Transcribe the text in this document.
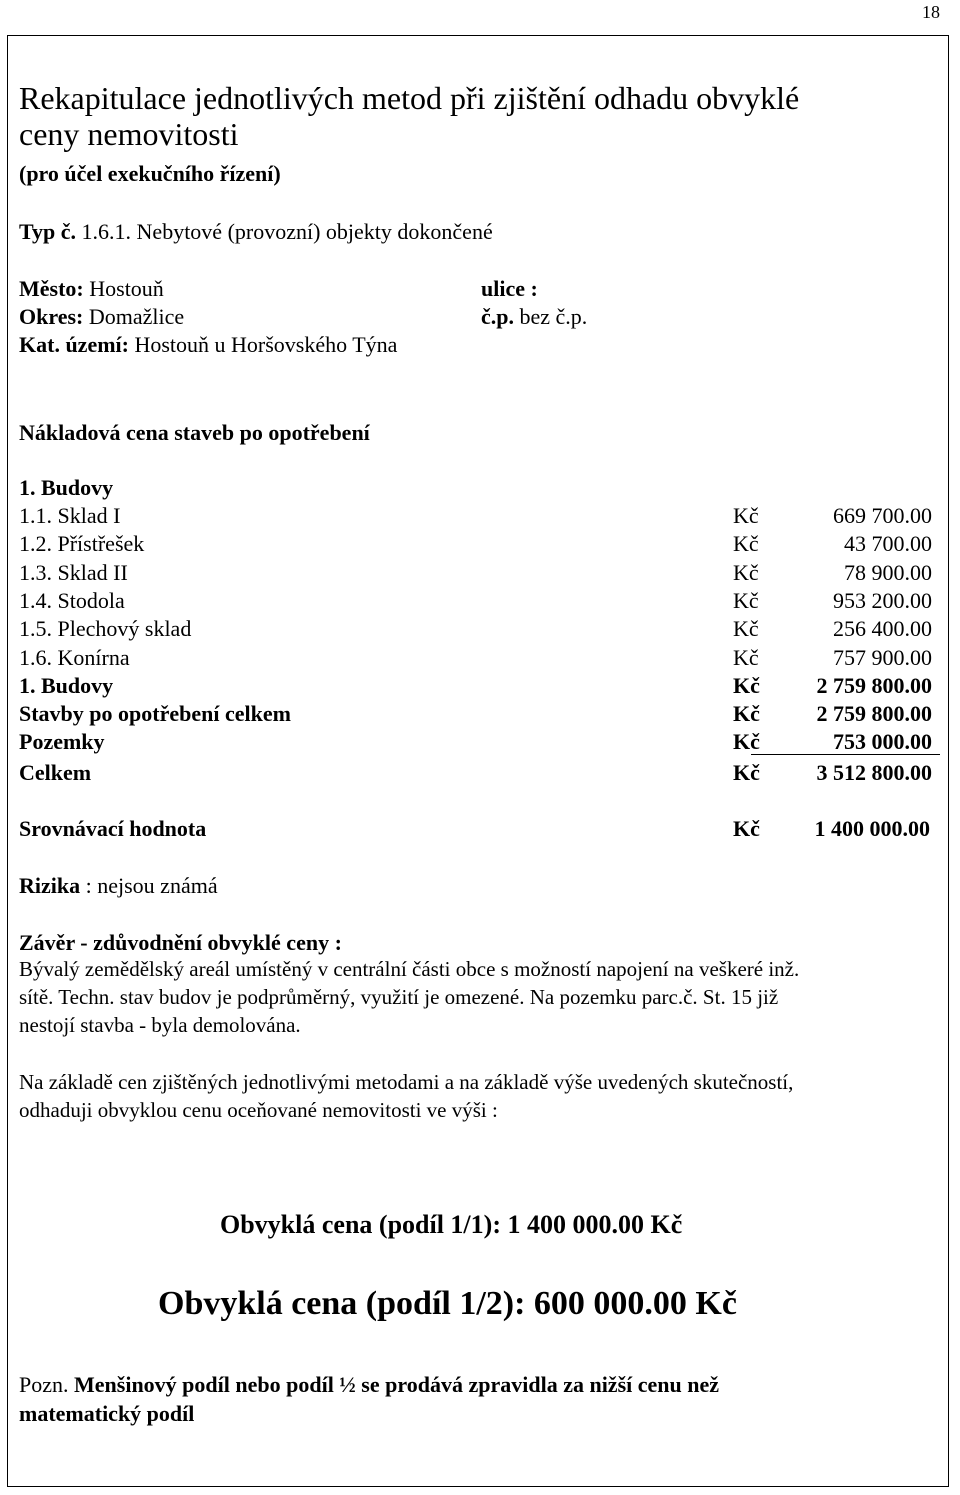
18
Rekapitulace jednotlivých metod při zjištění odhadu obvyklé
ceny nemovitosti
(pro účel exekučního řízení)
Typ č. 1.6.1. Nebytové (provozní) objekty dokončené
Město: Hostouň
Okres: Domažlice
Kat. území: Hostouň u Horšovského Týna
ulice :
č.p. bez č.p.
Nákladová cena staveb po opotřebení
1. Budovy
1.1. Sklad I	Kč	669 700.00
1.2. Přístřešek	Kč	43 700.00
1.3. Sklad II	Kč	78 900.00
1.4. Stodola	Kč	953 200.00
1.5. Plechový sklad	Kč	256 400.00
1.6. Konírna	Kč	757 900.00
1. Budovy	Kč	2 759 800.00
Stavby po opotřebení celkem	Kč	2 759 800.00
Pozemky	Kč	753 000.00
Celkem	Kč	3 512 800.00
Srovnávací hodnota	Kč 1 400 000.00
Rizika : nejsou známá
Závěr - zdůvodnění obvyklé ceny :
Bývalý zemědělský areál umístěný v centrální části obce s možností napojení na veškeré inž.
sítě. Techn. stav budov je podprůměrný, využití je omezené. Na pozemku parc.č. St. 15 již
nestojí stavba - byla demolována.
Na základě cen zjištěných jednotlivými metodami a na základě výše uvedených skutečností,
odhaduji obvyklou cenu oceňované nemovitosti ve výši :
Obvyklá cena (podíl 1/1): 1 400 000.00 Kč
Obvyklá cena (podíl 1/2): 600 000.00 Kč
Pozn. Menšinový podíl nebo podíl ½ se prodává zpravidla za nižší cenu než
matematický podíl
